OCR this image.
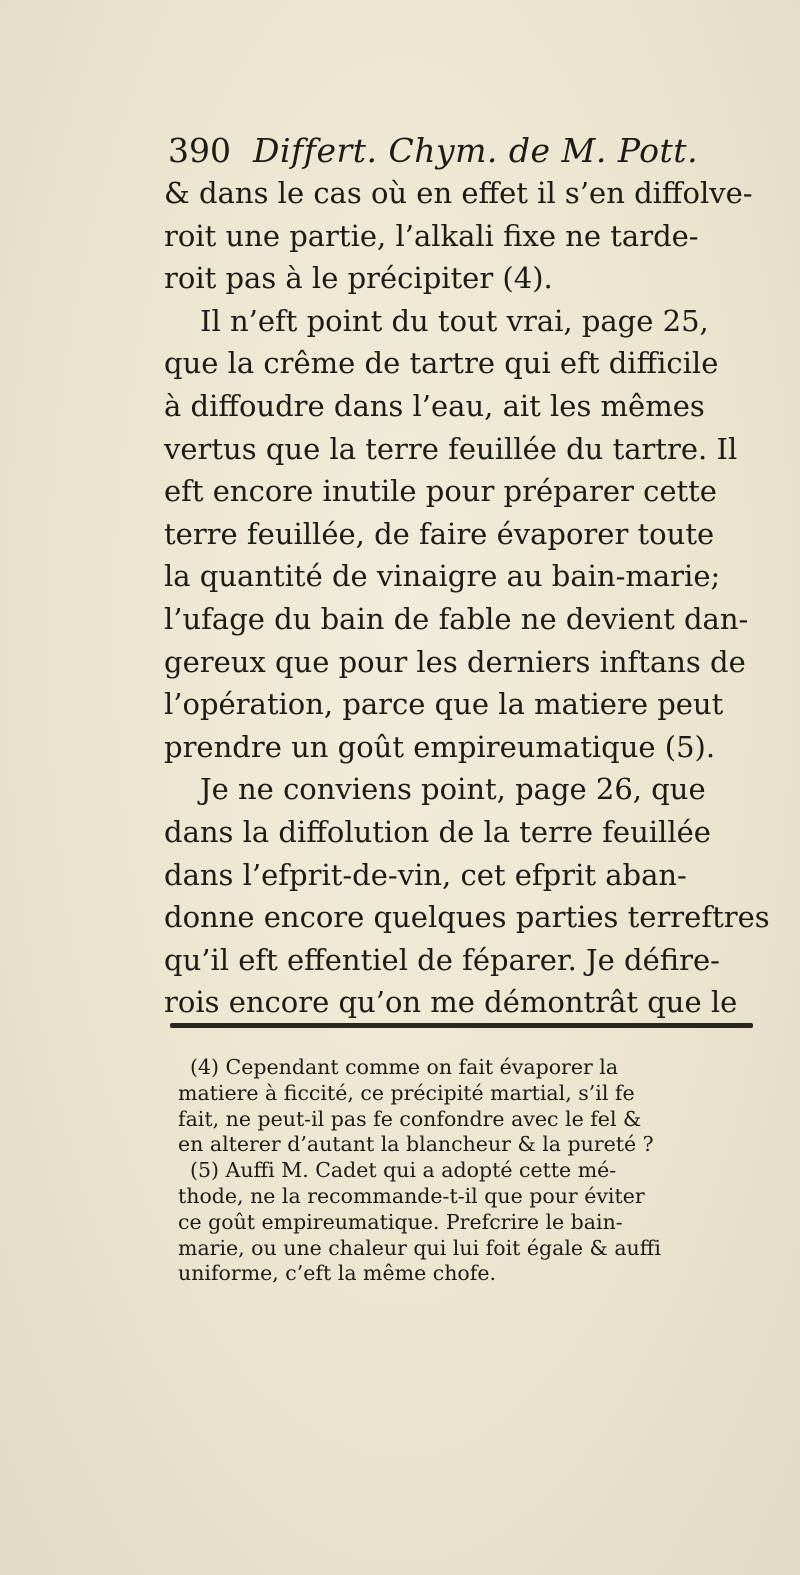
390 Differt. Chym. de M. Pott.
& dans le cas où en effet il s’en diffolve-
roit une partie, l’alkali fixe ne tarde-
roit pas à le précipiter (4).
Il n’eft point du tout vrai, page 25,
que la crême de tartre qui eft difficile
à diffoudre dans l’eau, ait les mêmes
vertus que la terre feuillée du tartre. Il
eft encore inutile pour préparer cette
terre feuillée, de faire évaporer toute
la quantité de vinaigre au bain-marie;
l’ufage du bain de fable ne devient dan-
gereux que pour les derniers inftans de
l’opération, parce que la matiere peut
prendre un goût empireumatique (5).
Je ne conviens point, page 26, que
dans la diffolution de la terre feuillée
dans l’efprit-de-vin, cet efprit aban-
donne encore quelques parties terreftres
qu’il eft effentiel de féparer. Je défire-
rois encore qu’on me démontrât que le
(4) Cependant comme on fait évaporer la
matiere à ficcité, ce précipité martial, s’il fe
fait, ne peut-il pas fe confondre avec le fel &
en alterer d’autant la blancheur & la pureté ?
(5) Auffi M. Cadet qui a adopté cette mé-
thode, ne la recommande-t-il que pour éviter
ce goût empireumatique. Prefcrire le bain-
marie, ou une chaleur qui lui foit égale & auffi
uniforme, c’eft la même chofe.
